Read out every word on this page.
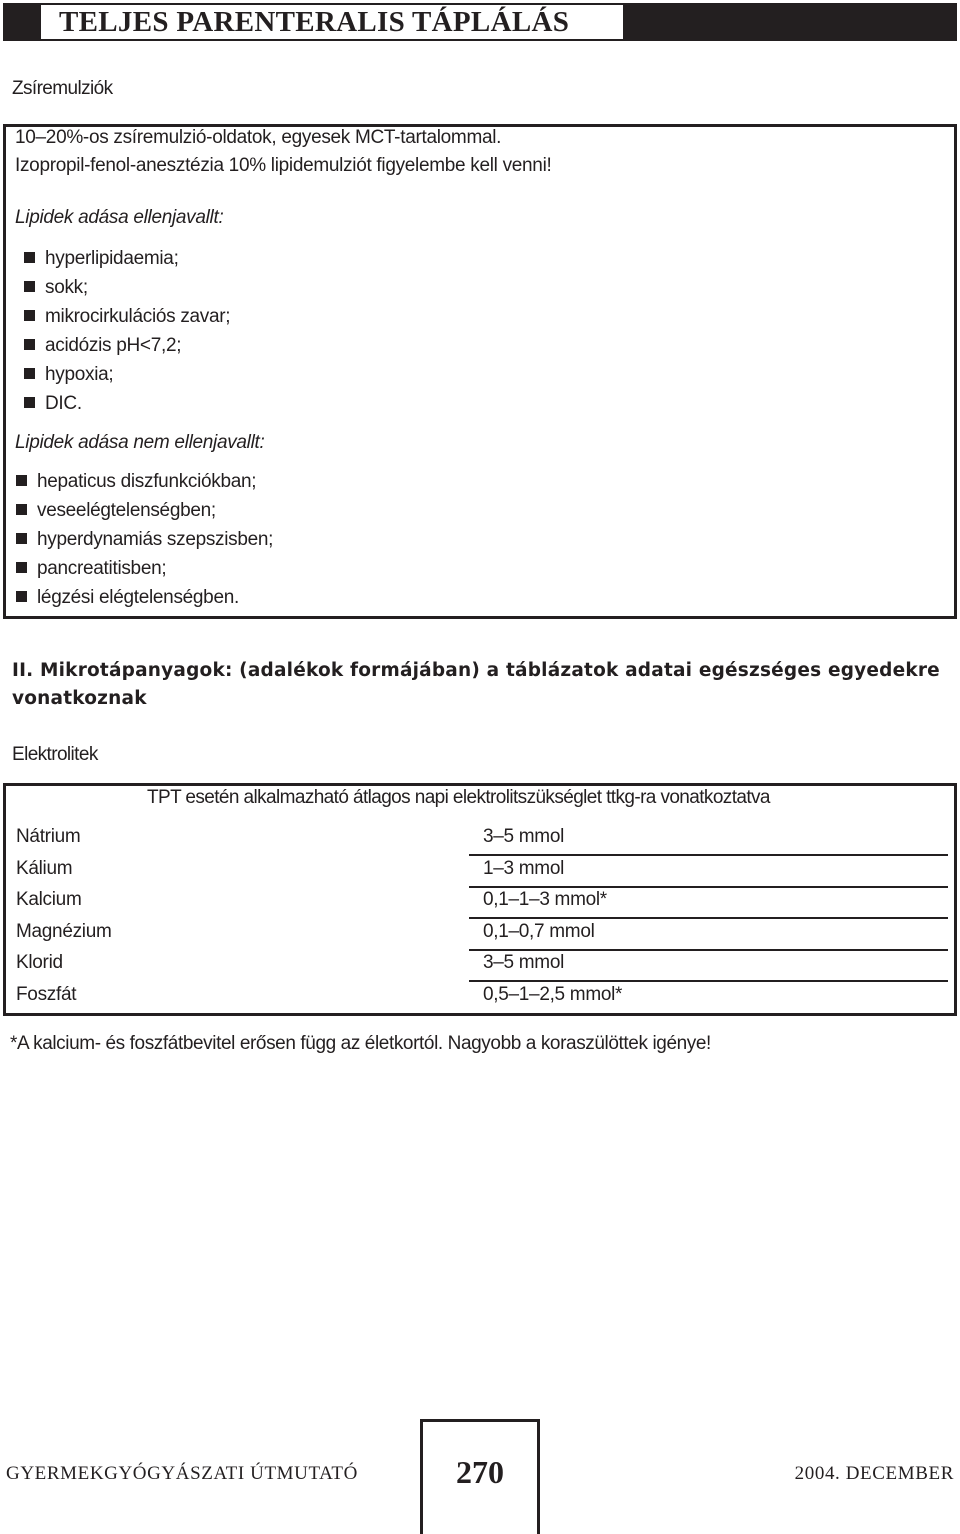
TELJES PARENTERALIS TÁPLÁLÁS
Zsíremulziók
10–20%-os zsíremulzió-oldatok, egyesek MCT-tartalommal.
Izopropil-fenol-anesztézia 10% lipidemulziót figyelembe kell venni!
Lipidek adása ellenjavallt:
hyperlipidaemia;
sokk;
mikrocirkulációs zavar;
acidózis pH<7,2;
hypoxia;
DIC.
Lipidek adása nem ellenjavallt:
hepaticus diszfunkciókban;
veseelégtelenségben;
hyperdynamiás szepszisben;
pancreatitisben;
légzési elégtelenségben.
II. Mikrotápanyagok: (adalékok formájában) a táblázatok adatai egészséges egyedekre vonatkoznak
Elektrolitek
TPT esetén alkalmazható átlagos napi elektrolitszükséglet ttkg-ra vonatkoztatva
Nátrium	3–5 mmol
Kálium	1–3 mmol
Kalcium	0,1–1–3 mmol*
Magnézium	0,1–0,7 mmol
Klorid	3–5 mmol
Foszfát	0,5–1–2,5 mmol*
*A kalcium- és foszfátbevitel erősen függ az életkortól. Nagyobb a koraszülöttek igénye!
GYERMEKGYÓGYÁSZATI ÚTMUTATÓ	270	2004. DECEMBER
